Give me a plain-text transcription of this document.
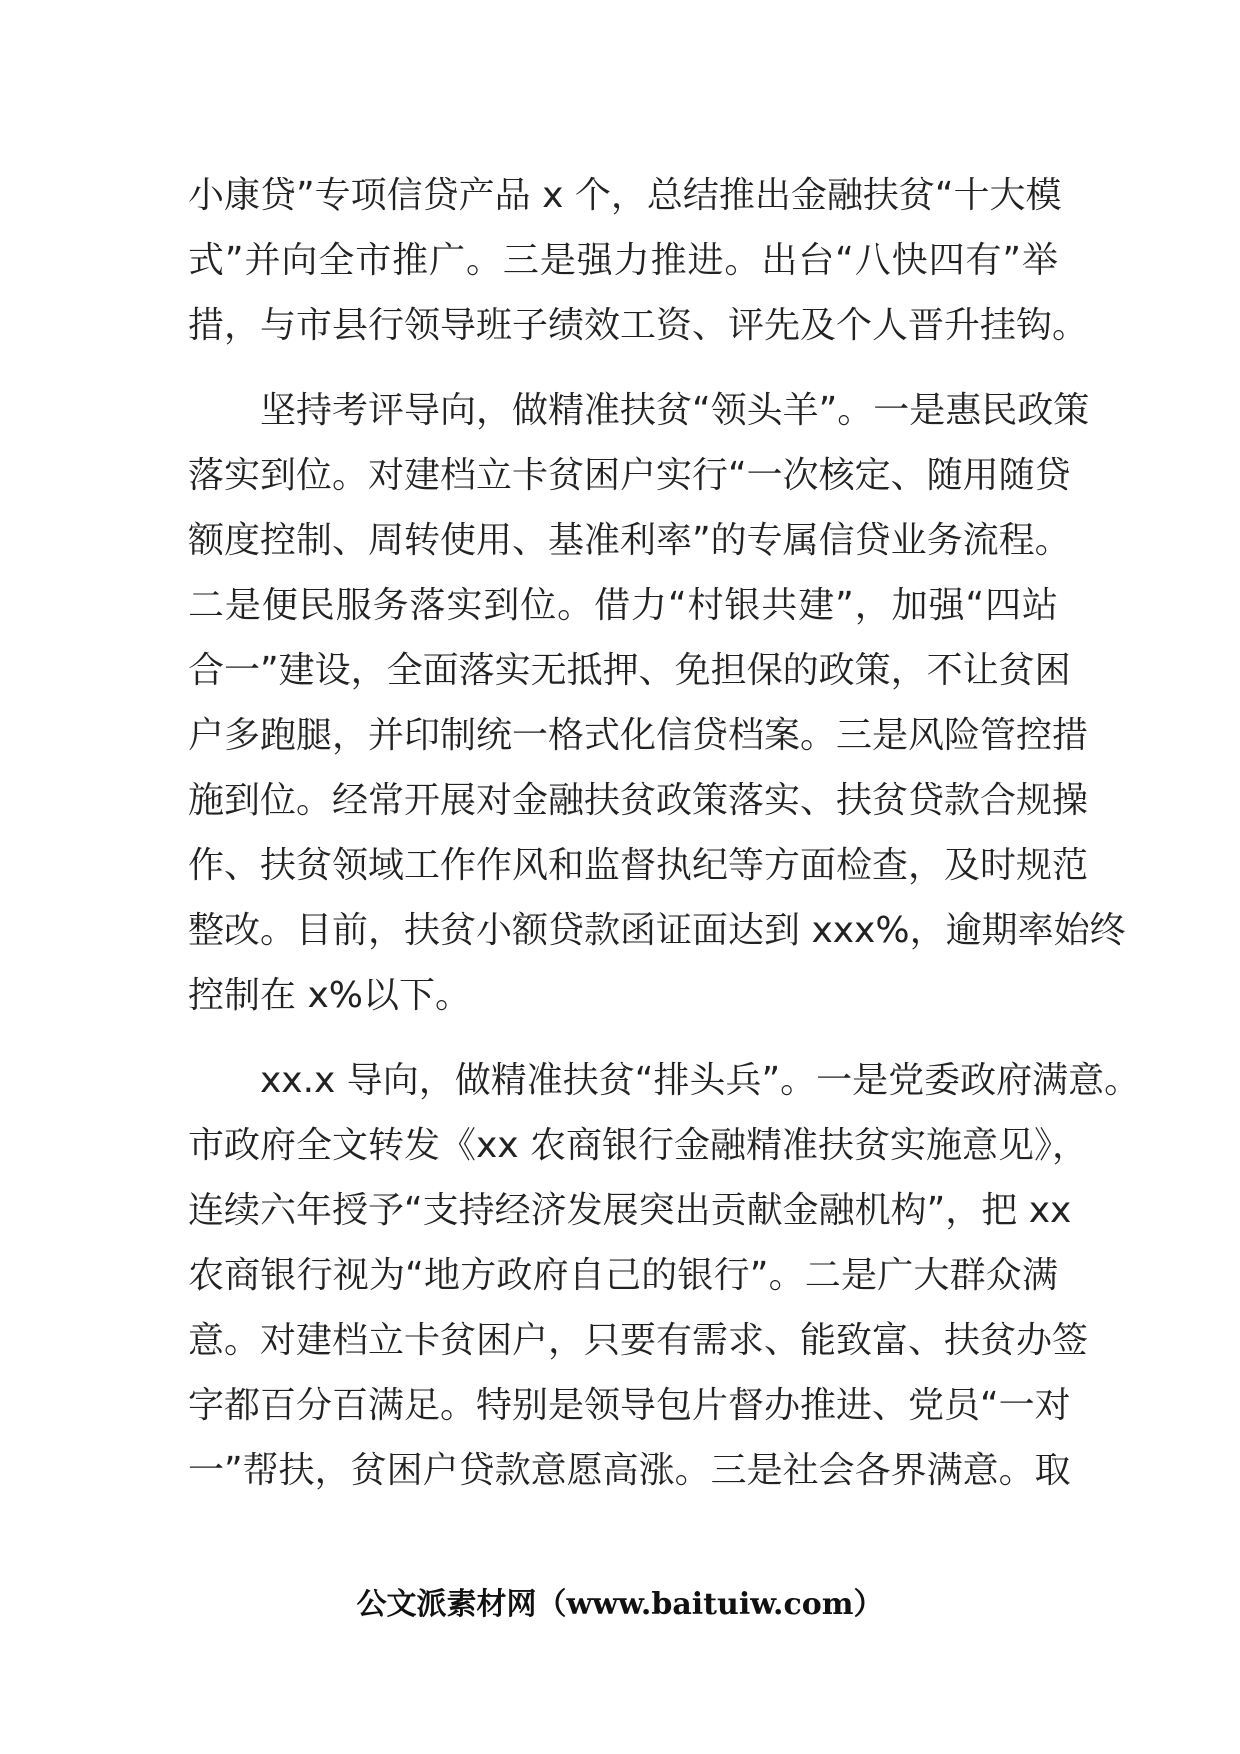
小康贷”专项信贷产品 x 个，总结推出金融扶贫“十大模
式”并向全市推广。三是强力推进。出台“八快四有”举
措，与市县行领导班子绩效工资、评先及个人晋升挂钩。
　　坚持考评导向，做精准扶贫“领头羊”。一是惠民政策
落实到位。对建档立卡贫困户实行“一次核定、随用随贷
额度控制、周转使用、基准利率”的专属信贷业务流程。
二是便民服务落实到位。借力“村银共建”，加强“四站
合一”建设，全面落实无抵押、免担保的政策，不让贫困
户多跑腿，并印制统一格式化信贷档案。三是风险管控措
施到位。经常开展对金融扶贫政策落实、扶贫贷款合规操
作、扶贫领域工作作风和监督执纪等方面检查，及时规范
整改。目前，扶贫小额贷款函证面达到 xxx%，逾期率始终
控制在 x%以下。
　　xx.x 导向，做精准扶贫“排头兵”。一是党委政府满意。
市政府全文转发《xx 农商银行金融精准扶贫实施意见》，
连续六年授予“支持经济发展突出贡献金融机构”，把 xx
农商银行视为“地方政府自己的银行”。二是广大群众满
意。对建档立卡贫困户，只要有需求、能致富、扶贫办签
字都百分百满足。特别是领导包片督办推进、党员“一对
一”帮扶，贫困户贷款意愿高涨。三是社会各界满意。取
公文派素材网（www.baituiw.com）
